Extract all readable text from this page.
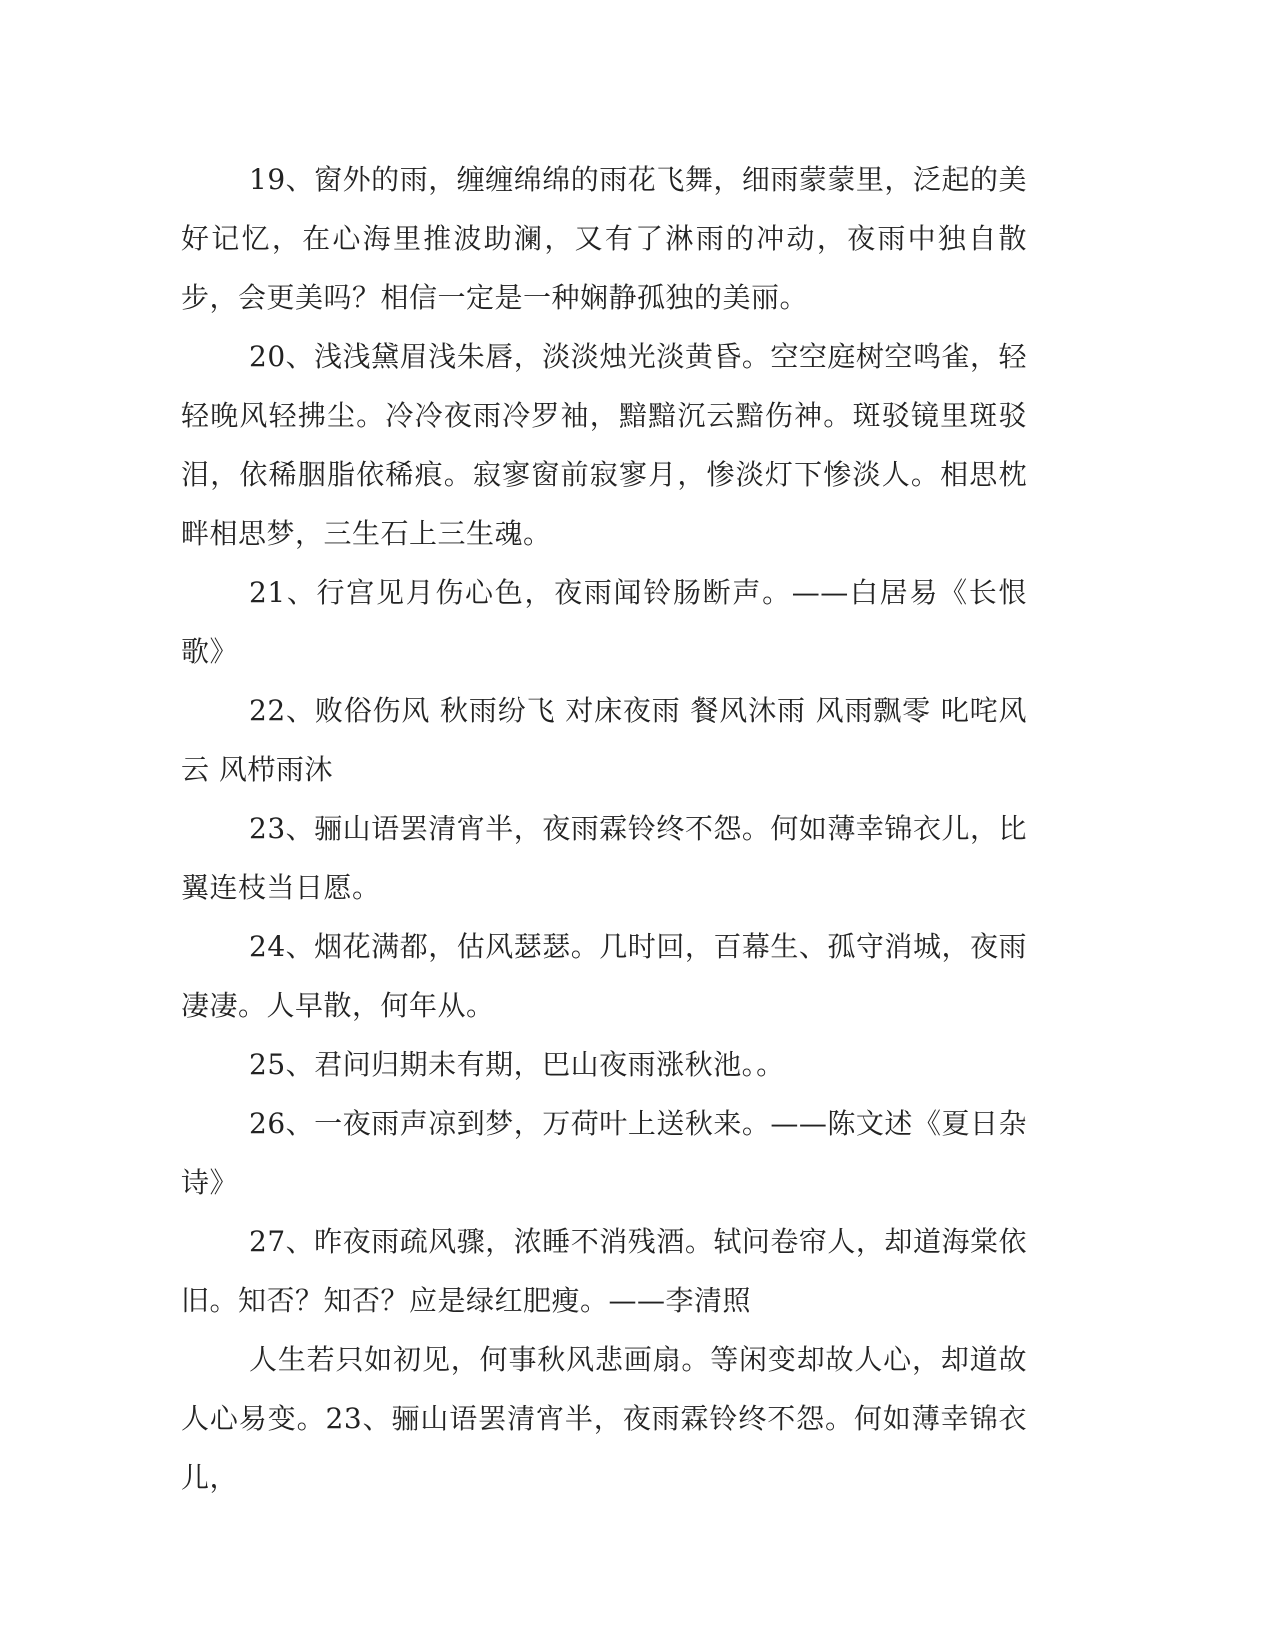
19、窗外的雨，缠缠绵绵的雨花飞舞，细雨蒙蒙里，泛起的美好记忆，在心海里推波助澜，又有了淋雨的冲动，夜雨中独自散步，会更美吗？相信一定是一种娴静孤独的美丽。

20、浅浅黛眉浅朱唇，淡淡烛光淡黄昏。空空庭树空鸣雀，轻轻晚风轻拂尘。冷冷夜雨冷罗袖，黯黯沉云黯伤神。斑驳镜里斑驳泪，依稀胭脂依稀痕。寂寥窗前寂寥月，惨淡灯下惨淡人。相思枕畔相思梦，三生石上三生魂。

21、行宫见月伤心色，夜雨闻铃肠断声。——白居易《长恨歌》

22、败俗伤风 秋雨纷飞 对床夜雨 餐风沐雨 风雨飘零 叱咤风云 风栉雨沐

23、骊山语罢清宵半，夜雨霖铃终不怨。何如薄幸锦衣儿，比翼连枝当日愿。

24、烟花满都，估风瑟瑟。几时回，百幕生、孤守消城，夜雨凄凄。人早散，何年从。

25、君问归期未有期，巴山夜雨涨秋池。。

26、一夜雨声凉到梦，万荷叶上送秋来。——陈文述《夏日杂诗》

27、昨夜雨疏风骤，浓睡不消残酒。轼问卷帘人，却道海棠依旧。知否？知否？应是绿红肥瘦。——李清照

人生若只如初见，何事秋风悲画扇。等闲变却故人心，却道故人心易变。23、骊山语罢清宵半，夜雨霖铃终不怨。何如薄幸锦衣儿，
